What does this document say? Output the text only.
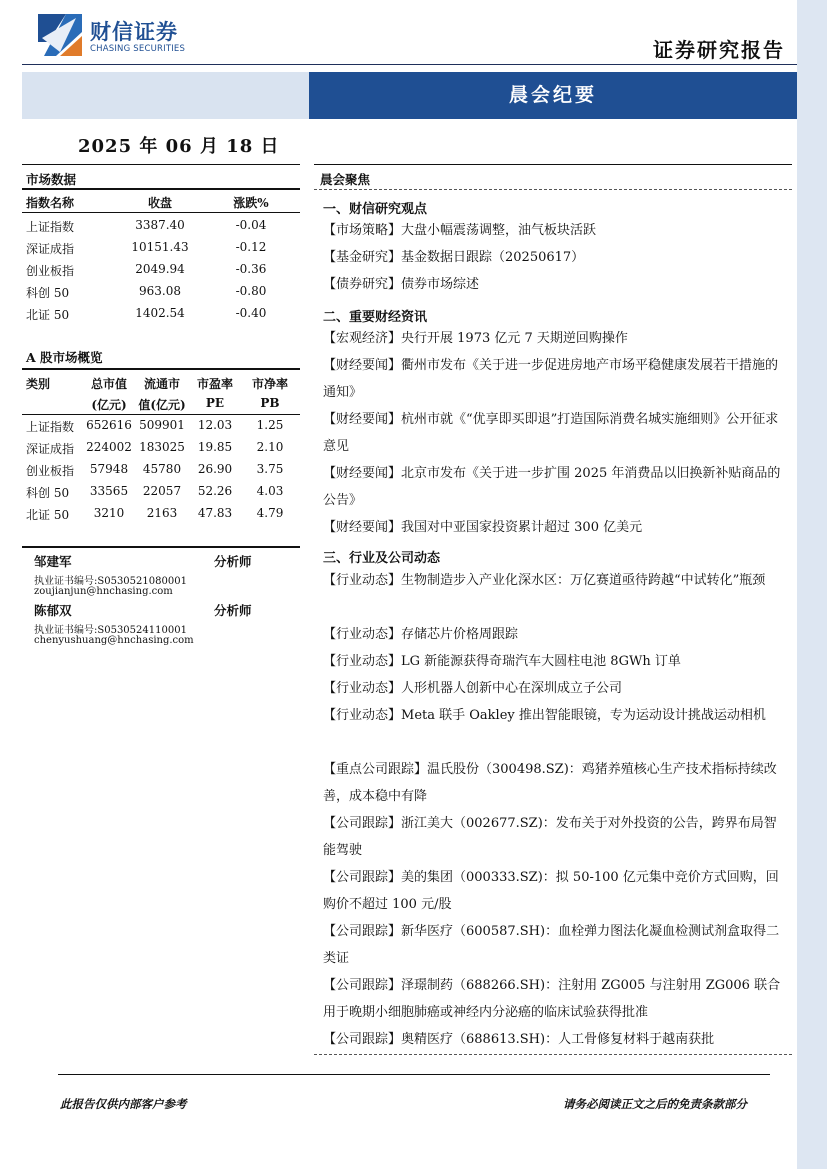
财信证券
CHASING SECURITIES	证券研究报告
晨会纪要
2025 年 06 月 18 日
市场数据
指数名称	收盘	涨跌%
上证指数	3387.40	-0.04
深证成指	10151.43	-0.12
创业板指	2049.94	-0.36
科创 50	963.08	-0.80
北证 50	1402.54	-0.40
A 股市场概览
类别	总市值	流通市	市盈率	市净率
(亿元) 值(亿元)	PE	PB
上证指数 652616 509901	12.03	1.25
深证成指 224002 183025	19.85	2.10
创业板指	57948	45780	26.90	3.75
科创 50	33565	22057	52.26	4.03
北证 50	3210	2163	47.83	4.79
邹建军	分析师
执业证书编号:S0530521080001
zoujianjun@hnchasing.com
陈郁双	分析师
执业证书编号:S0530524110001
chenyushuang@hnchasing.com
晨会聚焦
一、财信研究观点
【市场策略】大盘小幅震荡调整，油气板块活跃
【基金研究】基金数据日跟踪（20250617）
【债券研究】债券市场综述
二、重要财经资讯
【宏观经济】央行开展 1973 亿元 7 天期逆回购操作
【财经要闻】衢州市发布《关于进一步促进房地产市场平稳健康发展若干措施的通知》
【财经要闻】杭州市就《“优享即买即退”打造国际消费名城实施细则》公开征求意见
【财经要闻】北京市发布《关于进一步扩围 2025 年消费品以旧换新补贴商品的公告》
【财经要闻】我国对中亚国家投资累计超过 300 亿美元
三、行业及公司动态
【行业动态】生物制造步入产业化深水区：万亿赛道亟待跨越“中试转化”瓶颈
【行业动态】存储芯片价格周跟踪
【行业动态】LG 新能源获得奇瑞汽车大圆柱电池 8GWh 订单
【行业动态】人形机器人创新中心在深圳成立子公司
【行业动态】Meta 联手 Oakley 推出智能眼镜，专为运动设计挑战运动相机
【重点公司跟踪】温氏股份（300498.SZ)：鸡猪养殖核心生产技术指标持续改善，成本稳中有降
【公司跟踪】浙江美大（002677.SZ)：发布关于对外投资的公告，跨界布局智能驾驶
【公司跟踪】美的集团（000333.SZ)：拟 50-100 亿元集中竞价方式回购，回购价不超过 100 元/股
【公司跟踪】新华医疗（600587.SH)：血栓弹力图法化凝血检测试剂盒取得二类证
【公司跟踪】泽璟制药（688266.SH)：注射用 ZG005 与注射用 ZG006 联合用于晚期小细胞肺癌或神经内分泌癌的临床试验获得批准
【公司跟踪】奥精医疗（688613.SH)：人工骨修复材料于越南获批
此报告仅供内部客户参考	请务必阅读正文之后的免责条款部分
